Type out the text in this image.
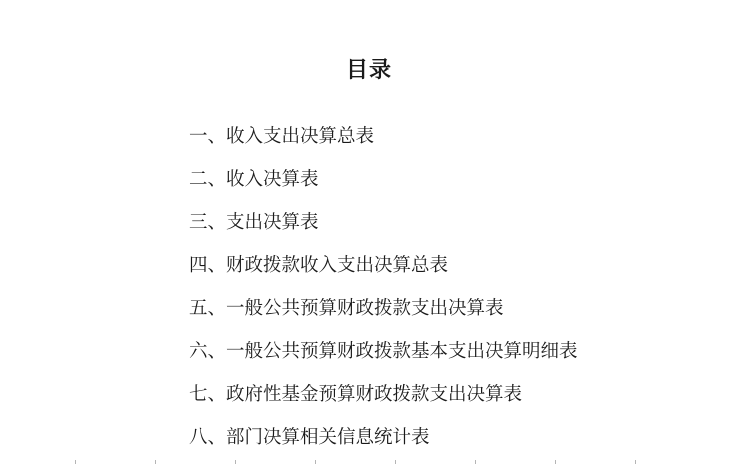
目录
一、收入支出决算总表
二、收入决算表
三、支出决算表
四、财政拨款收入支出决算总表
五、一般公共预算财政拨款支出决算表
六、一般公共预算财政拨款基本支出决算明细表
七、政府性基金预算财政拨款支出决算表
八、部门决算相关信息统计表
